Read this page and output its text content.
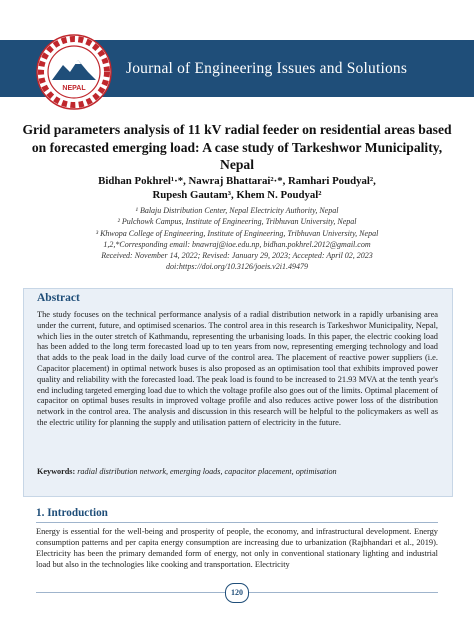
NEPAL
Journal of Engineering Issues and Solutions
Grid parameters analysis of 11 kV radial feeder on residential areas based on forecasted emerging load: A case study of Tarkeshwor Municipality, Nepal
Bidhan Pokhrel¹·*, Nawraj Bhattarai²·*, Ramhari Poudyal²,
Rupesh Gautam³, Khem N. Poudyal²
¹ Balaju Distribution Center, Nepal Electricity Authority, Nepal
² Pulchowk Campus, Institute of Engineering, Tribhuvan University, Nepal
³ Khwopa College of Engineering, Institute of Engineering, Tribhuvan University, Nepal
1,2,*Corresponding email: bnawraj@ioe.edu.np, bidhan.pokhrel.2012@gmail.com
Received: November 14, 2022; Revised: January 29, 2023; Accepted: April 02, 2023
doi:https://doi.org/10.3126/joeis.v2i1.49479
Abstract
The study focuses on the technical performance analysis of a radial distribution network in a rapidly urbanising area under the current, future, and optimised scenarios. The control area in this research is Tarkeshwor Municipality, Nepal, which lies in the outer stretch of Kathmandu, representing the urbanising loads. In this paper, the electric cooking load has been added to the long term forecasted load up to ten years from now, representing emerging technology and load that adds to the peak load in the daily load curve of the control area. The placement of reactive power suppliers (i.e. Capacitor placement) in optimal network buses is also proposed as an optimisation tool that exhibits improved power quality and reliability with the forecasted load. The peak load is found to be increased to 21.93 MVA at the tenth year's end including targeted emerging load due to which the voltage profile also goes out of the limits. Optimal placement of capacitor on optimal buses results in improved voltage profile and also reduces active power loss of the distribution network in the control area. The analysis and discussion in this research will be helpful to the policymakers as well as the electric utility for planning the supply and utilisation pattern of electricity in the future.
Keywords: radial distribution network, emerging loads, capacitor placement, optimisation
1. Introduction
Energy is essential for the well-being and prosperity of people, the economy, and infrastructural development. Energy consumption patterns and per capita energy consumption are increasing due to urbanization (Rajbhandari et al., 2019). Electricity has been the primary demanded form of energy, not only in conventional stationary lighting and industrial load but also in the technologies like cooking and transportation. Electricity
120
